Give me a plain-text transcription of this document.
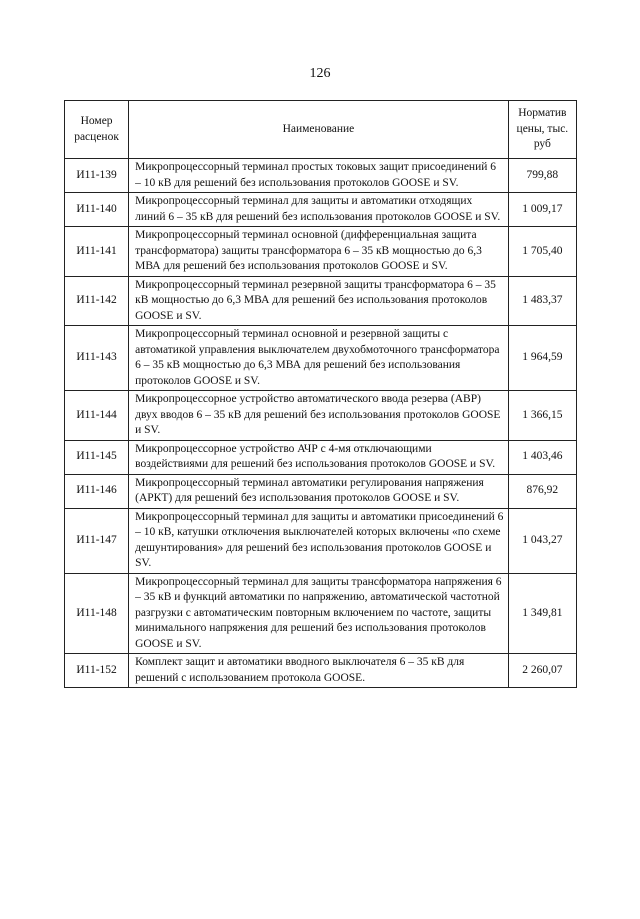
126
Номер расценок	Наименование	Норматив цены, тыс. руб
И11-139	Микропроцессорный терминал простых токовых защит присоединений 6 – 10 кВ для решений без использования протоколов GOOSE и SV.	799,88
И11-140	Микропроцессорный терминал для защиты и автоматики отходящих линий 6 – 35 кВ для решений без использования протоколов GOOSE и SV.	1 009,17
И11-141	Микропроцессорный терминал основной (дифференциальная защита трансформатора) защиты трансформатора 6 – 35 кВ мощностью до 6,3 МВА для решений без использования протоколов GOOSE и SV.	1 705,40
И11-142	Микропроцессорный терминал резервной защиты трансформатора 6 – 35 кВ мощностью до 6,3 МВА для решений без использования протоколов GOOSE и SV.	1 483,37
И11-143	Микропроцессорный терминал основной и резервной защиты с автоматикой управления выключателем двухобмоточного трансформатора 6 – 35 кВ мощностью до 6,3 МВА для решений без использования протоколов GOOSE и SV.	1 964,59
И11-144	Микропроцессорное устройство автоматического ввода резерва (АВР) двух вводов 6 – 35 кВ для решений без использования протоколов GOOSE и SV.	1 366,15
И11-145	Микропроцессорное устройство АЧР с 4-мя отключающими воздействиями для решений без использования протоколов GOOSE и SV.	1 403,46
И11-146	Микропроцессорный терминал автоматики регулирования напряжения (АРКТ) для решений без использования протоколов GOOSE и SV.	876,92
И11-147	Микропроцессорный терминал для защиты и автоматики присоединений 6 – 10 кВ, катушки отключения выключателей которых включены «по схеме дешунтирования» для решений без использования протоколов GOOSE и SV.	1 043,27
И11-148	Микропроцессорный терминал для защиты трансформатора напряжения 6 – 35 кВ и функций автоматики по напряжению, автоматической частотной разгрузки с автоматическим повторным включением по частоте, защиты минимального напряжения для решений без использования протоколов GOOSE и SV.	1 349,81
И11-152	Комплект защит и автоматики вводного выключателя 6 – 35 кВ для решений с использованием протокола GOOSE.	2 260,07
